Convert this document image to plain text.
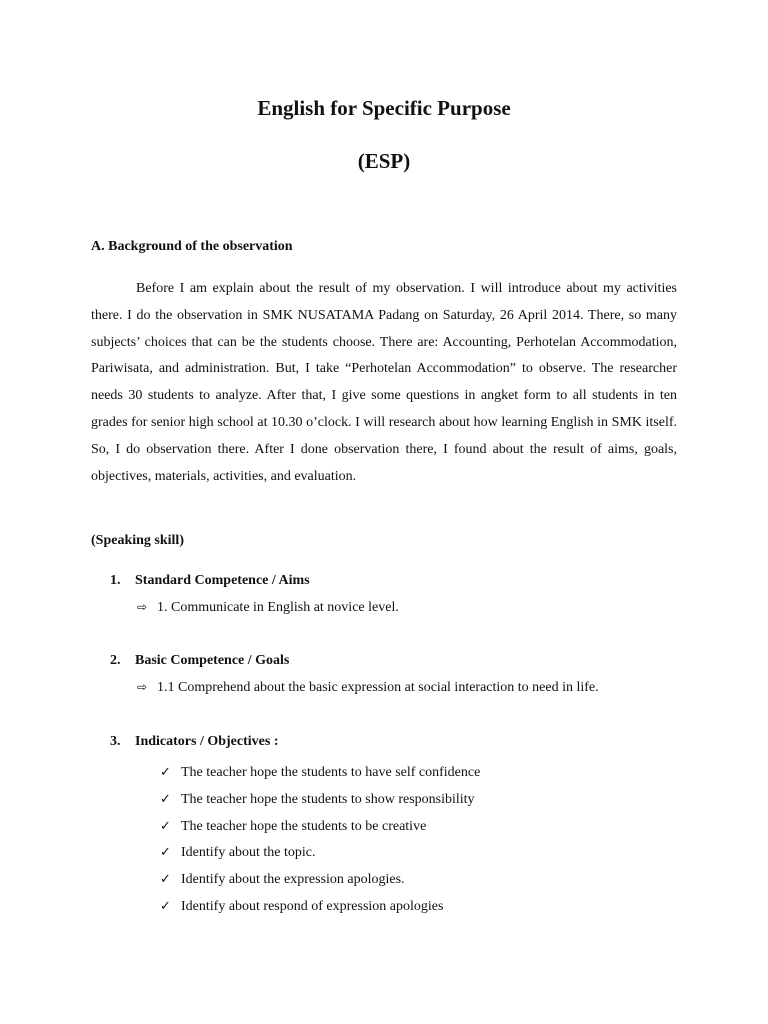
English for Specific Purpose
(ESP)

A. Background of the observation

Before I am explain about the result of my observation. I will introduce about my activities there. I do the observation in SMK NUSATAMA Padang on Saturday, 26 April 2014. There, so many subjects’ choices that can be the students choose. There are: Accounting, Perhotelan Accommodation, Pariwisata, and administration. But, I take “Perhotelan Accommodation” to observe. The researcher needs 30 students to analyze. After that, I give some questions in angket form to all students in ten grades for senior high school at 10.30 o’clock. I will research about how learning English in SMK itself. So, I do observation there. After I done observation there, I found about the result of aims, goals, objectives, materials, activities, and evaluation.

(Speaking skill)

1. Standard Competence / Aims

⇨ 1. Communicate in English at novice level.

2. Basic Competence / Goals

⇨ 1.1 Comprehend about the basic expression at social interaction to need in life.

3. Indicators / Objectives :

✓ The teacher hope the students to have self confidence
✓ The teacher hope the students to show responsibility
✓ The teacher hope the students to be creative
✓ Identify about the topic.
✓ Identify about the expression apologies.
✓ Identify about respond of expression apologies
